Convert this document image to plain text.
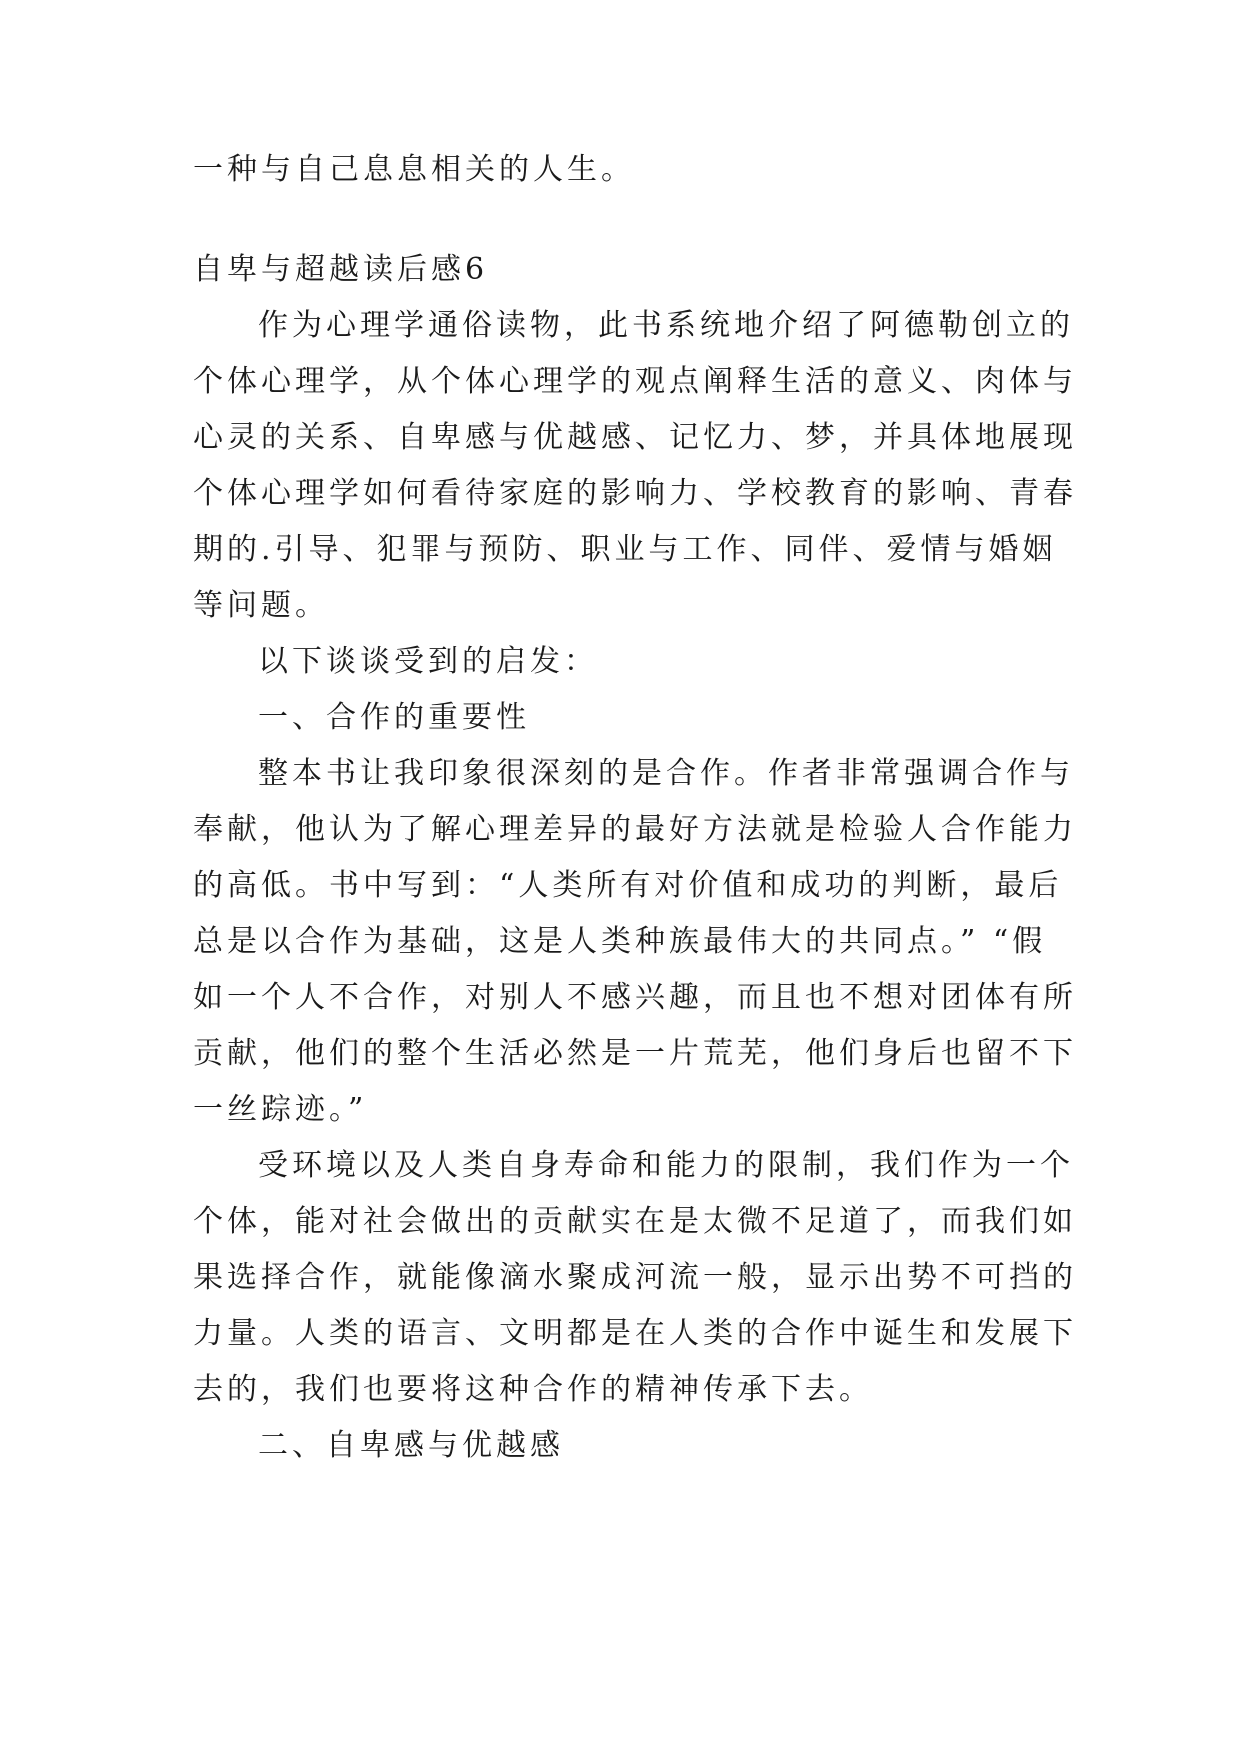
一种与自己息息相关的人生。
自卑与超越读后感6
作为心理学通俗读物，此书系统地介绍了阿德勒创立的
个体心理学，从个体心理学的观点阐释生活的意义、肉体与
心灵的关系、自卑感与优越感、记忆力、梦，并具体地展现
个体心理学如何看待家庭的影响力、学校教育的影响、青春
期的.引导、犯罪与预防、职业与工作、同伴、爱情与婚姻
等问题。
以下谈谈受到的启发：
一、合作的重要性
整本书让我印象很深刻的是合作。作者非常强调合作与
奉献，他认为了解心理差异的最好方法就是检验人合作能力
的高低。书中写到：“人类所有对价值和成功的判断，最后
总是以合作为基础，这是人类种族最伟大的共同点。” “假
如一个人不合作，对别人不感兴趣，而且也不想对团体有所
贡献，他们的整个生活必然是一片荒芜，他们身后也留不下
一丝踪迹。”
受环境以及人类自身寿命和能力的限制，我们作为一个
个体，能对社会做出的贡献实在是太微不足道了，而我们如
果选择合作，就能像滴水聚成河流一般，显示出势不可挡的
力量。人类的语言、文明都是在人类的合作中诞生和发展下
去的，我们也要将这种合作的精神传承下去。
二、自卑感与优越感
